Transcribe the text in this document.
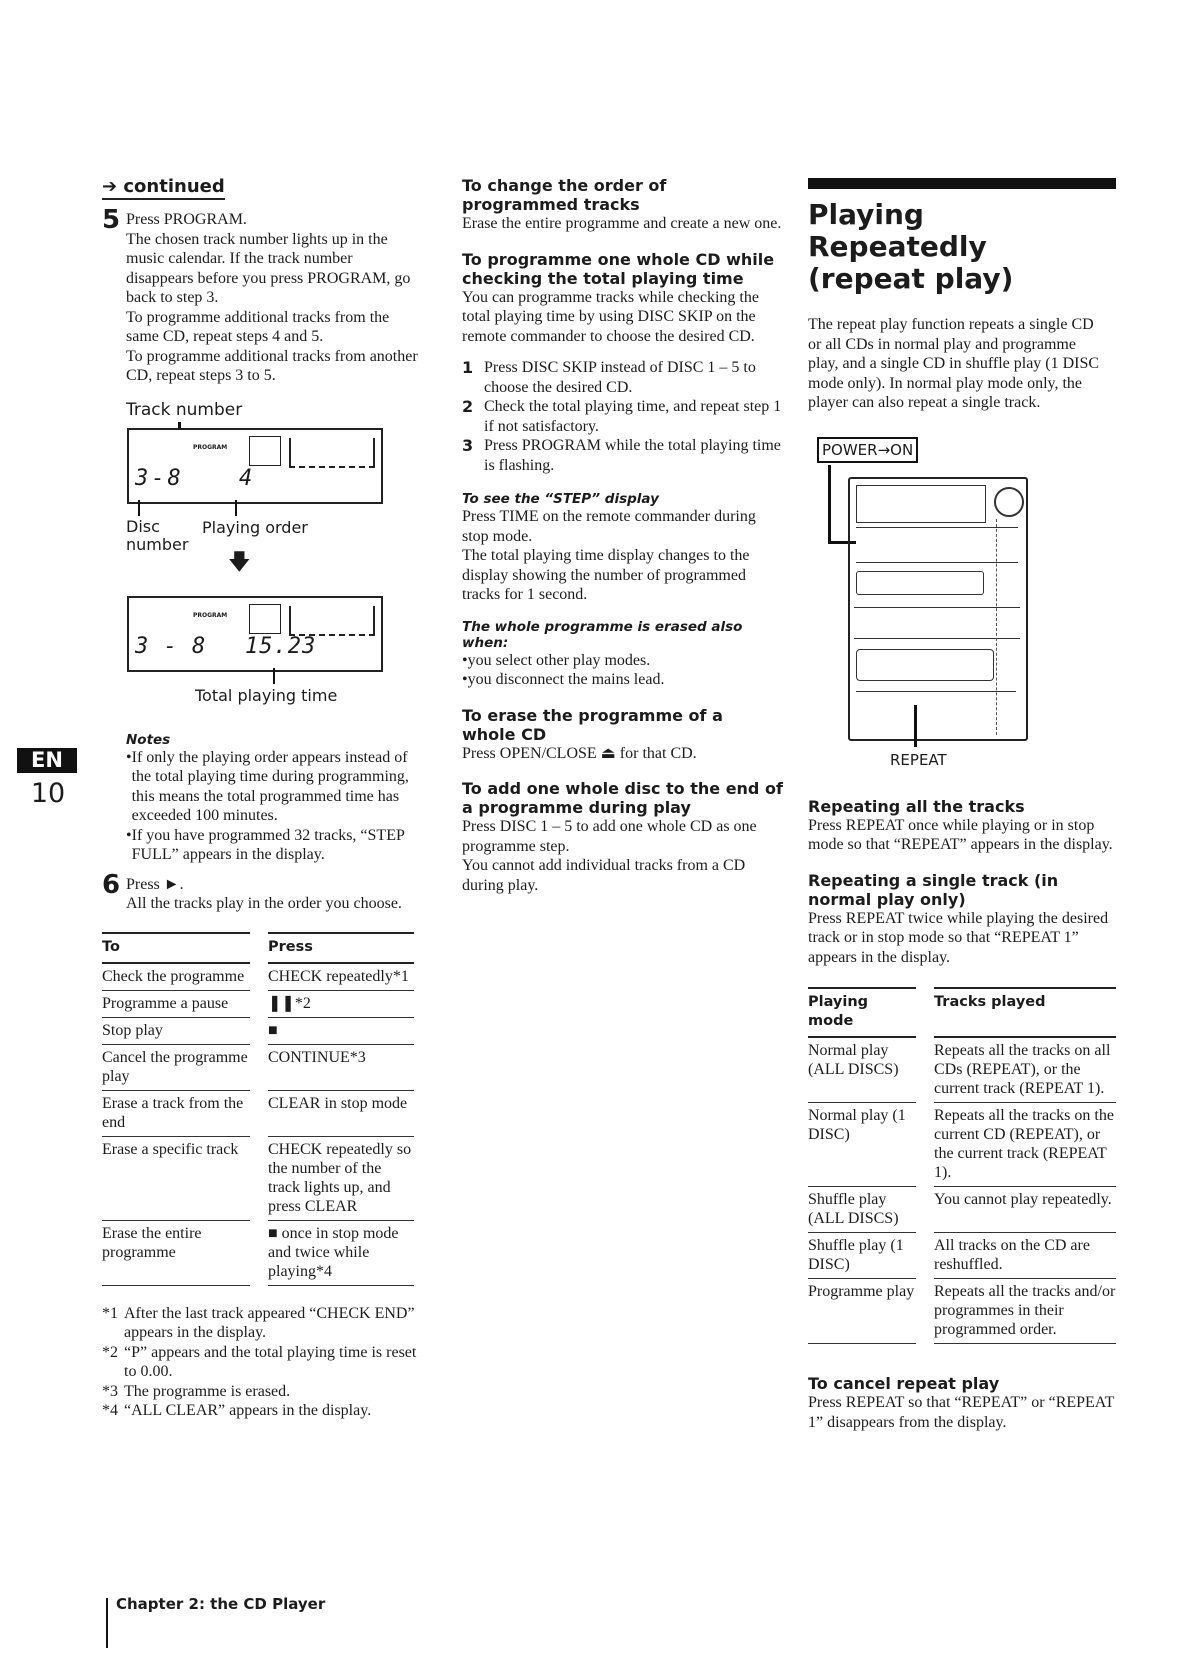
EN
10
➔ continued
5 Press PROGRAM.

The chosen track number lights up in the music calendar. If the track number disappears before you press PROGRAM, go back to step 3.

To programme additional tracks from the same CD, repeat steps 4 and 5.

To programme additional tracks from another CD, repeat steps 3 to 5.

Track number
PROGRAM
3-8	4
Disc number
Playing order
🡇
PROGRAM
3 - 8 15.23
Total playing time

Notes

• If only the playing order appears instead of the total playing time during programming, this means the total programmed time has exceeded 100 minutes.
• If you have programmed 32 tracks, “STEP FULL” appears in the display.
6 Press ►.

All the tracks play in the order you choose.

To		Press
Check the programme		CHECK repeatedly*1
Programme a pause		❚❚*2
Stop play		■
Cancel the programme play		CONTINUE*3
Erase a track from the end		CLEAR in stop mode
Erase a specific track		CHECK repeatedly so the number of the track lights up, and press CLEAR
Erase the entire programme		■ once in stop mode and twice while playing*4
*1 After the last track appeared “CHECK END” appears in the display.
*2 “P” appears and the total playing time is reset to 0.00.
*3 The programme is erased.
*4 “ALL CLEAR” appears in the display.

To change the order of programmed tracks

Erase the entire programme and create a new one.

To programme one whole CD while checking the total playing time

You can programme tracks while checking the total playing time by using DISC SKIP on the remote commander to choose the desired CD.

1 Press DISC SKIP instead of DISC 1 – 5 to choose the desired CD.
2 Check the total playing time, and repeat step 1 if not satisfactory.
3 Press PROGRAM while the total playing time is flashing.

To see the “STEP” display

Press TIME on the remote commander during stop mode.

The total playing time display changes to the display showing the number of programmed tracks for 1 second.

The whole programme is erased also when:

•you select other play modes.
•you disconnect the mains lead.

To erase the programme of a whole CD

Press OPEN/CLOSE ⏏ for that CD.

To add one whole disc to the end of a programme during play

Press DISC 1 – 5 to add one whole CD as one programme step.

You cannot add individual tracks from a CD during play.

Playing Repeatedly (repeat play)

The repeat play function repeats a single CD or all CDs in normal play and programme play, and a single CD in shuffle play (1 DISC mode only). In normal play mode only, the player can also repeat a single track.

POWER→ON
REPEAT

Repeating all the tracks

Press REPEAT once while playing or in stop mode so that “REPEAT” appears in the display.

Repeating a single track (in normal play only)

Press REPEAT twice while playing the desired track or in stop mode so that “REPEAT 1” appears in the display.

Playing mode		Tracks played
Normal play (ALL DISCS)		Repeats all the tracks on all CDs (REPEAT), or the current track (REPEAT 1).
Normal play (1 DISC)		Repeats all the tracks on the current CD (REPEAT), or the current track (REPEAT 1).
Shuffle play (ALL DISCS)		You cannot play repeatedly.
Shuffle play (1 DISC)		All tracks on the CD are reshuffled.
Programme play		Repeats all the tracks and/or programmes in their programmed order.

To cancel repeat play

Press REPEAT so that “REPEAT” or “REPEAT 1” disappears from the display.

Chapter 2: the CD Player
